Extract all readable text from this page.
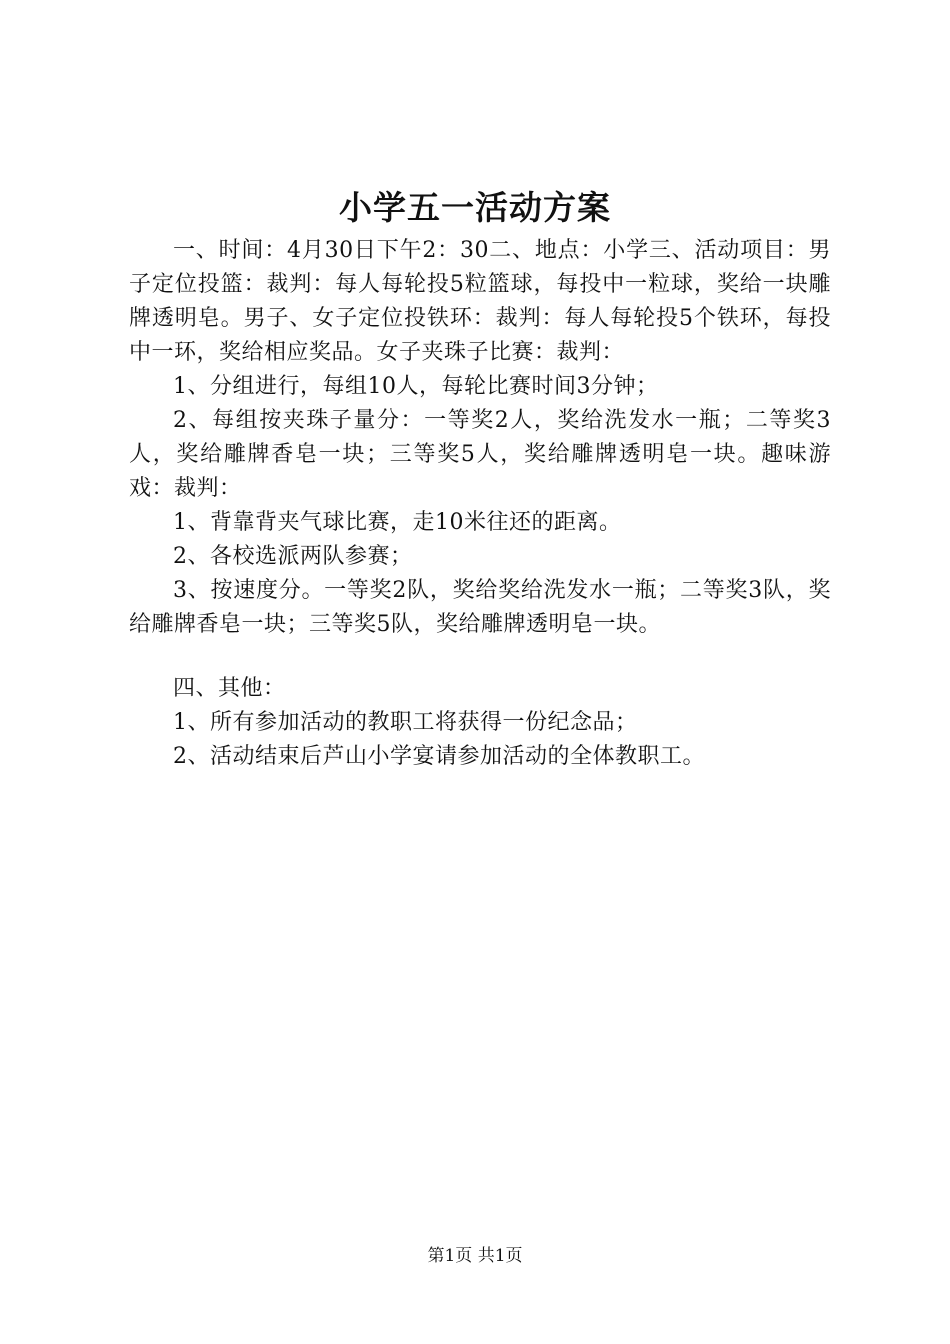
小学五一活动方案

一、时间：4月30日下午2：30二、地点：小学三、活动项目：男子定位投篮：裁判：每人每轮投5粒篮球，每投中一粒球，奖给一块雕牌透明皂。男子、女子定位投铁环：裁判：每人每轮投5个铁环，每投中一环，奖给相应奖品。女子夹珠子比赛：裁判：

1、分组进行，每组10人，每轮比赛时间3分钟；

2、每组按夹珠子量分：一等奖2人，奖给洗发水一瓶；二等奖3人，奖给雕牌香皂一块；三等奖5人，奖给雕牌透明皂一块。趣味游戏：裁判：

1、背靠背夹气球比赛，走10米往还的距离。

2、各校选派两队参赛；

3、按速度分。一等奖2队，奖给奖给洗发水一瓶；二等奖3队，奖给雕牌香皂一块；三等奖5队，奖给雕牌透明皂一块。

四、其他：

1、所有参加活动的教职工将获得一份纪念品；

2、活动结束后芦山小学宴请参加活动的全体教职工。

第1页 共1页
